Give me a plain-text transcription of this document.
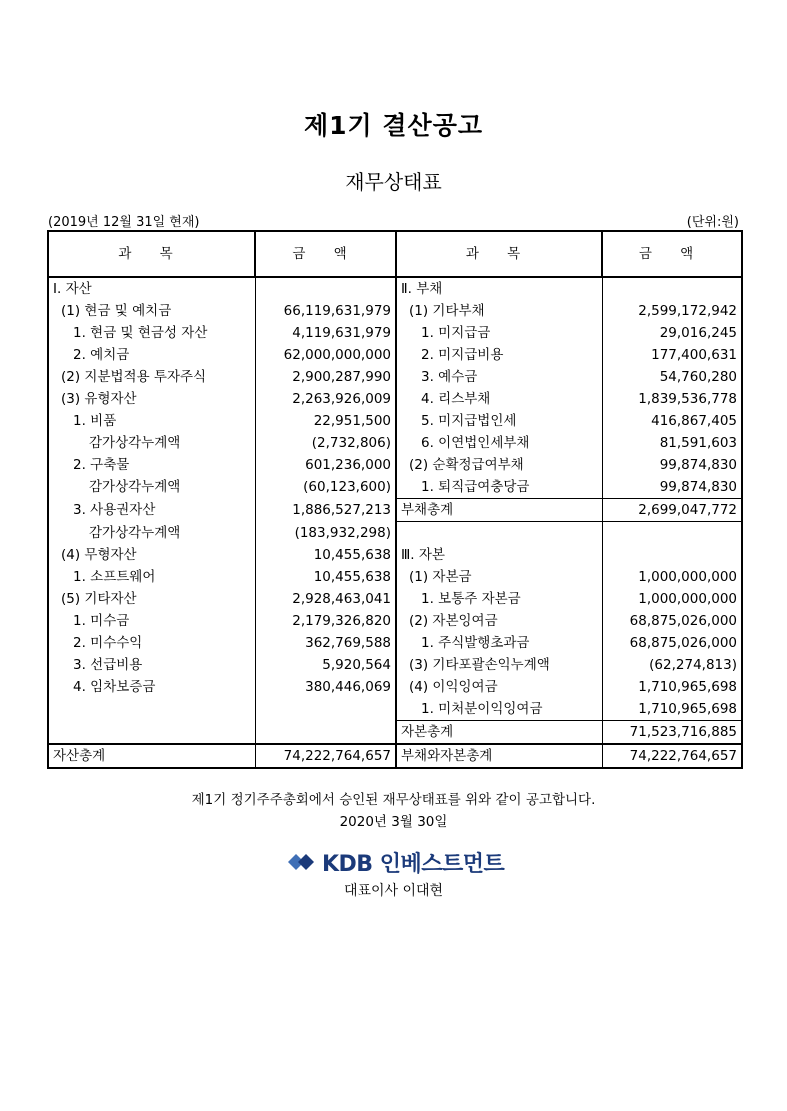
제1기 결산공고
재무상태표
(2019년 12월 31일 현재)	(단위:원)
과 목	금 액	과 목	금 액
Ⅰ. 자산		Ⅱ. 부채	
(1) 현금 및 예치금	66,119,631,979	(1) 기타부채	2,599,172,942
1. 현금 및 현금성 자산	4,119,631,979	1. 미지급금	29,016,245
2. 예치금	62,000,000,000	2. 미지급비용	177,400,631
(2) 지분법적용 투자주식	2,900,287,990	3. 예수금	54,760,280
(3) 유형자산	2,263,926,009	4. 리스부채	1,839,536,778
1. 비품	22,951,500	5. 미지급법인세	416,867,405
감가상각누계액	(2,732,806)	6. 이연법인세부채	81,591,603
2. 구축물	601,236,000	(2) 순확정급여부채	99,874,830
감가상각누계액	(60,123,600)	1. 퇴직급여충당금	99,874,830
3. 사용권자산	1,886,527,213	부채총계	2,699,047,772
감가상각누계액	(183,932,298)		
(4) 무형자산	10,455,638	Ⅲ. 자본	
1. 소프트웨어	10,455,638	(1) 자본금	1,000,000,000
(5) 기타자산	2,928,463,041	1. 보통주 자본금	1,000,000,000
1. 미수금	2,179,326,820	(2) 자본잉여금	68,875,026,000
2. 미수수익	362,769,588	1. 주식발행초과금	68,875,026,000
3. 선급비용	5,920,564	(3) 기타포괄손익누계액	(62,274,813)
4. 임차보증금	380,446,069	(4) 이익잉여금	1,710,965,698
		1. 미처분이익잉여금	1,710,965,698
		자본총계	71,523,716,885
자산총계	74,222,764,657	부채와자본총계	74,222,764,657
제1기 정기주주총회에서 승인된 재무상태표를 위와 같이 공고합니다.
2020년 3월 30일
KDB 인베스트먼트
대표이사 이대현
